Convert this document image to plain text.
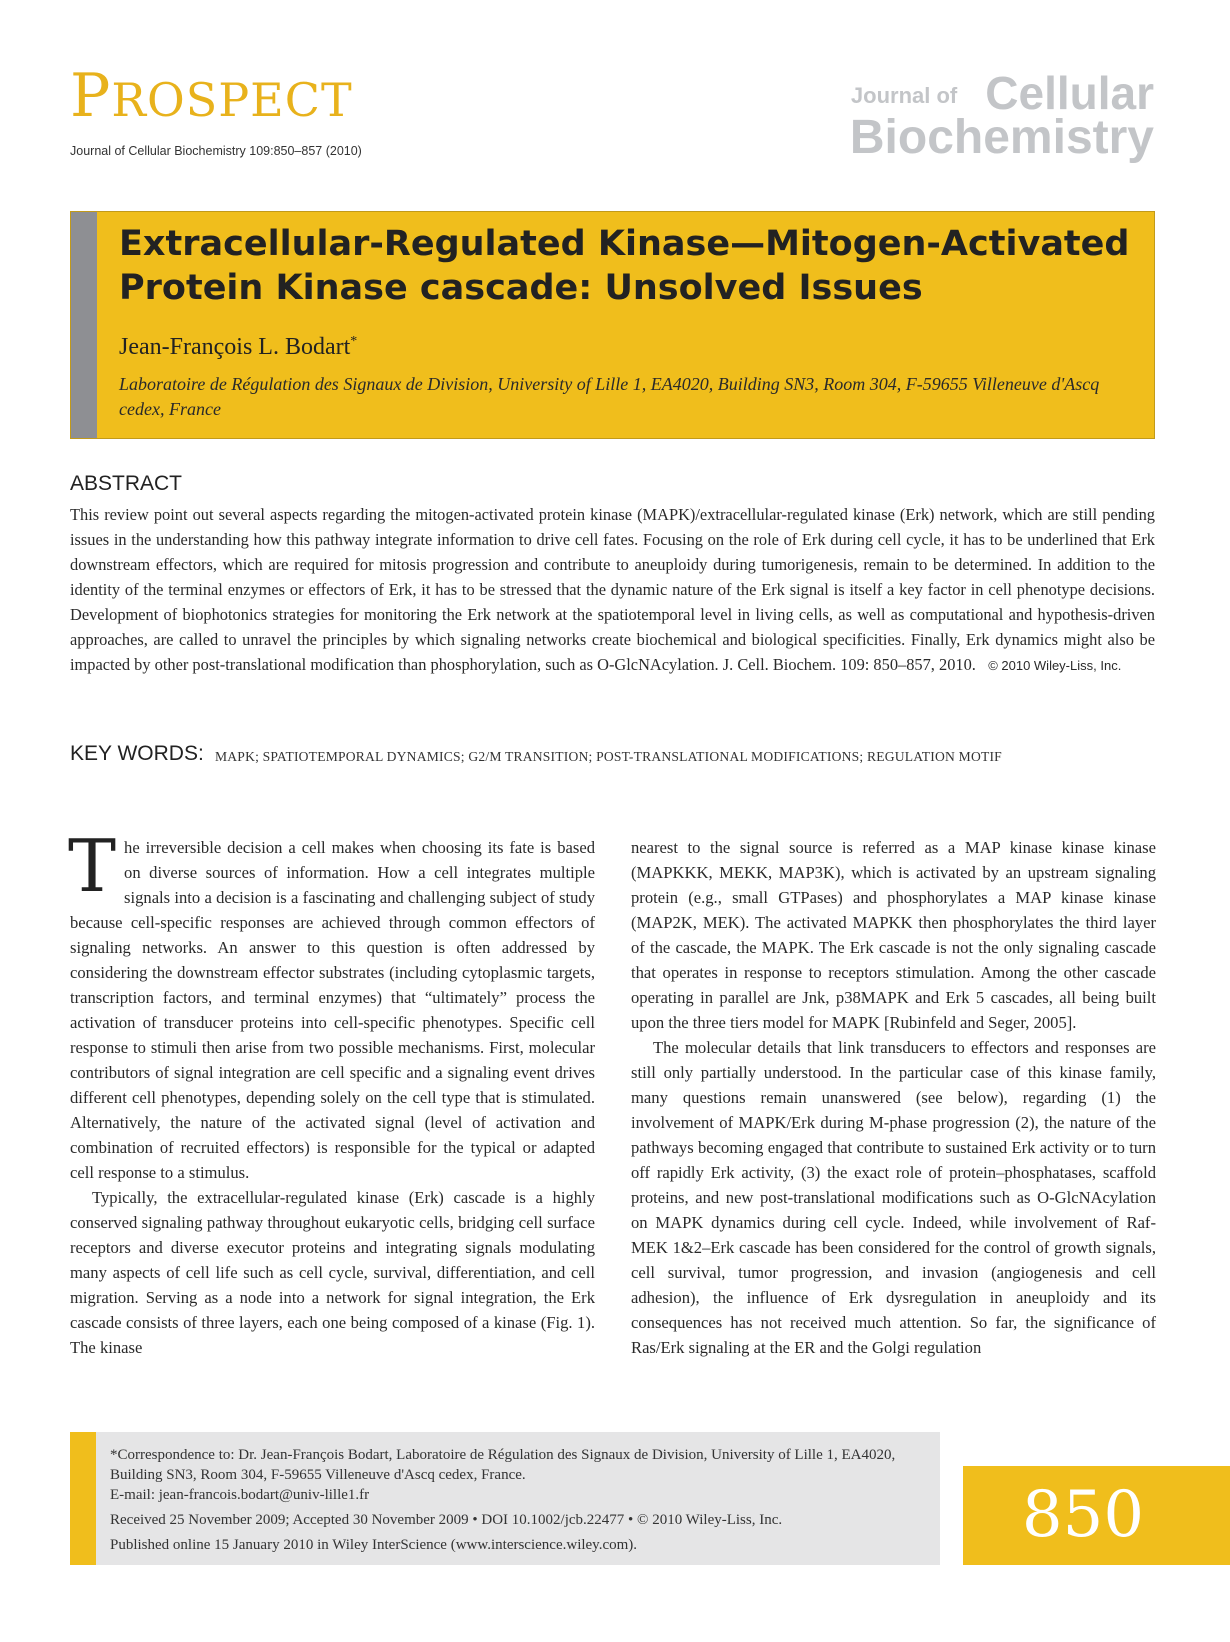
PROSPECT
Journal of Cellular Biochemistry 109:850–857 (2010)
Journal of Cellular
Biochemistry
Extracellular-Regulated Kinase—Mitogen-Activated Protein Kinase cascade: Unsolved Issues
Jean-François L. Bodart*
Laboratoire de Régulation des Signaux de Division, University of Lille 1, EA4020, Building SN3, Room 304, F-59655 Villeneuve d'Ascq cedex, France
ABSTRACT
This review point out several aspects regarding the mitogen-activated protein kinase (MAPK)/extracellular-regulated kinase (Erk) network, which are still pending issues in the understanding how this pathway integrate information to drive cell fates. Focusing on the role of Erk during cell cycle, it has to be underlined that Erk downstream effectors, which are required for mitosis progression and contribute to aneuploidy during tumorigenesis, remain to be determined. In addition to the identity of the terminal enzymes or effectors of Erk, it has to be stressed that the dynamic nature of the Erk signal is itself a key factor in cell phenotype decisions. Development of biophotonics strategies for monitoring the Erk network at the spatiotemporal level in living cells, as well as computational and hypothesis-driven approaches, are called to unravel the principles by which signaling networks create biochemical and biological specificities. Finally, Erk dynamics might also be impacted by other post-translational modification than phosphorylation, such as O-GlcNAcylation. J. Cell. Biochem. 109: 850–857, 2010. © 2010 Wiley-Liss, Inc.
KEY WORDS: MAPK; SPATIOTEMPORAL DYNAMICS; G2/M TRANSITION; POST-TRANSLATIONAL MODIFICATIONS; REGULATION MOTIF

The irreversible decision a cell makes when choosing its fate is based on diverse sources of information. How a cell integrates multiple signals into a decision is a fascinating and challenging subject of study because cell-specific responses are achieved through common effectors of signaling networks. An answer to this question is often addressed by considering the downstream effector substrates (including cytoplasmic targets, transcription factors, and terminal enzymes) that “ultimately” process the activation of transducer proteins into cell-specific phenotypes. Specific cell response to stimuli then arise from two possible mechanisms. First, molecular contributors of signal integration are cell specific and a signaling event drives different cell phenotypes, depending solely on the cell type that is stimulated. Alternatively, the nature of the activated signal (level of activation and combination of recruited effectors) is responsible for the typical or adapted cell response to a stimulus.

Typically, the extracellular-regulated kinase (Erk) cascade is a highly conserved signaling pathway throughout eukaryotic cells, bridging cell surface receptors and diverse executor proteins and integrating signals modulating many aspects of cell life such as cell cycle, survival, differentiation, and cell migration. Serving as a node into a network for signal integration, the Erk cascade consists of three layers, each one being composed of a kinase (Fig. 1). The kinase

nearest to the signal source is referred as a MAP kinase kinase kinase (MAPKKK, MEKK, MAP3K), which is activated by an upstream signaling protein (e.g., small GTPases) and phosphorylates a MAP kinase kinase (MAP2K, MEK). The activated MAPKK then phosphorylates the third layer of the cascade, the MAPK. The Erk cascade is not the only signaling cascade that operates in response to receptors stimulation. Among the other cascade operating in parallel are Jnk, p38MAPK and Erk 5 cascades, all being built upon the three tiers model for MAPK [Rubinfeld and Seger, 2005].

The molecular details that link transducers to effectors and responses are still only partially understood. In the particular case of this kinase family, many questions remain unanswered (see below), regarding (1) the involvement of MAPK/Erk during M-phase progression (2), the nature of the pathways becoming engaged that contribute to sustained Erk activity or to turn off rapidly Erk activity, (3) the exact role of protein–phosphatases, scaffold proteins, and new post-translational modifications such as O-GlcNAcylation on MAPK dynamics during cell cycle. Indeed, while involvement of Raf-MEK 1&2–Erk cascade has been considered for the control of growth signals, cell survival, tumor progression, and invasion (angiogenesis and cell adhesion), the influence of Erk dysregulation in aneuploidy and its consequences has not received much attention. So far, the significance of Ras/Erk signaling at the ER and the Golgi regulation

*Correspondence to: Dr. Jean-François Bodart, Laboratoire de Régulation des Signaux de Division, University of Lille 1, EA4020, Building SN3, Room 304, F-59655 Villeneuve d'Ascq cedex, France.
E-mail: jean-francois.bodart@univ-lille1.fr
Received 25 November 2009; Accepted 30 November 2009 • DOI 10.1002/jcb.22477 • © 2010 Wiley-Liss, Inc.
Published online 15 January 2010 in Wiley InterScience (www.interscience.wiley.com).	850
